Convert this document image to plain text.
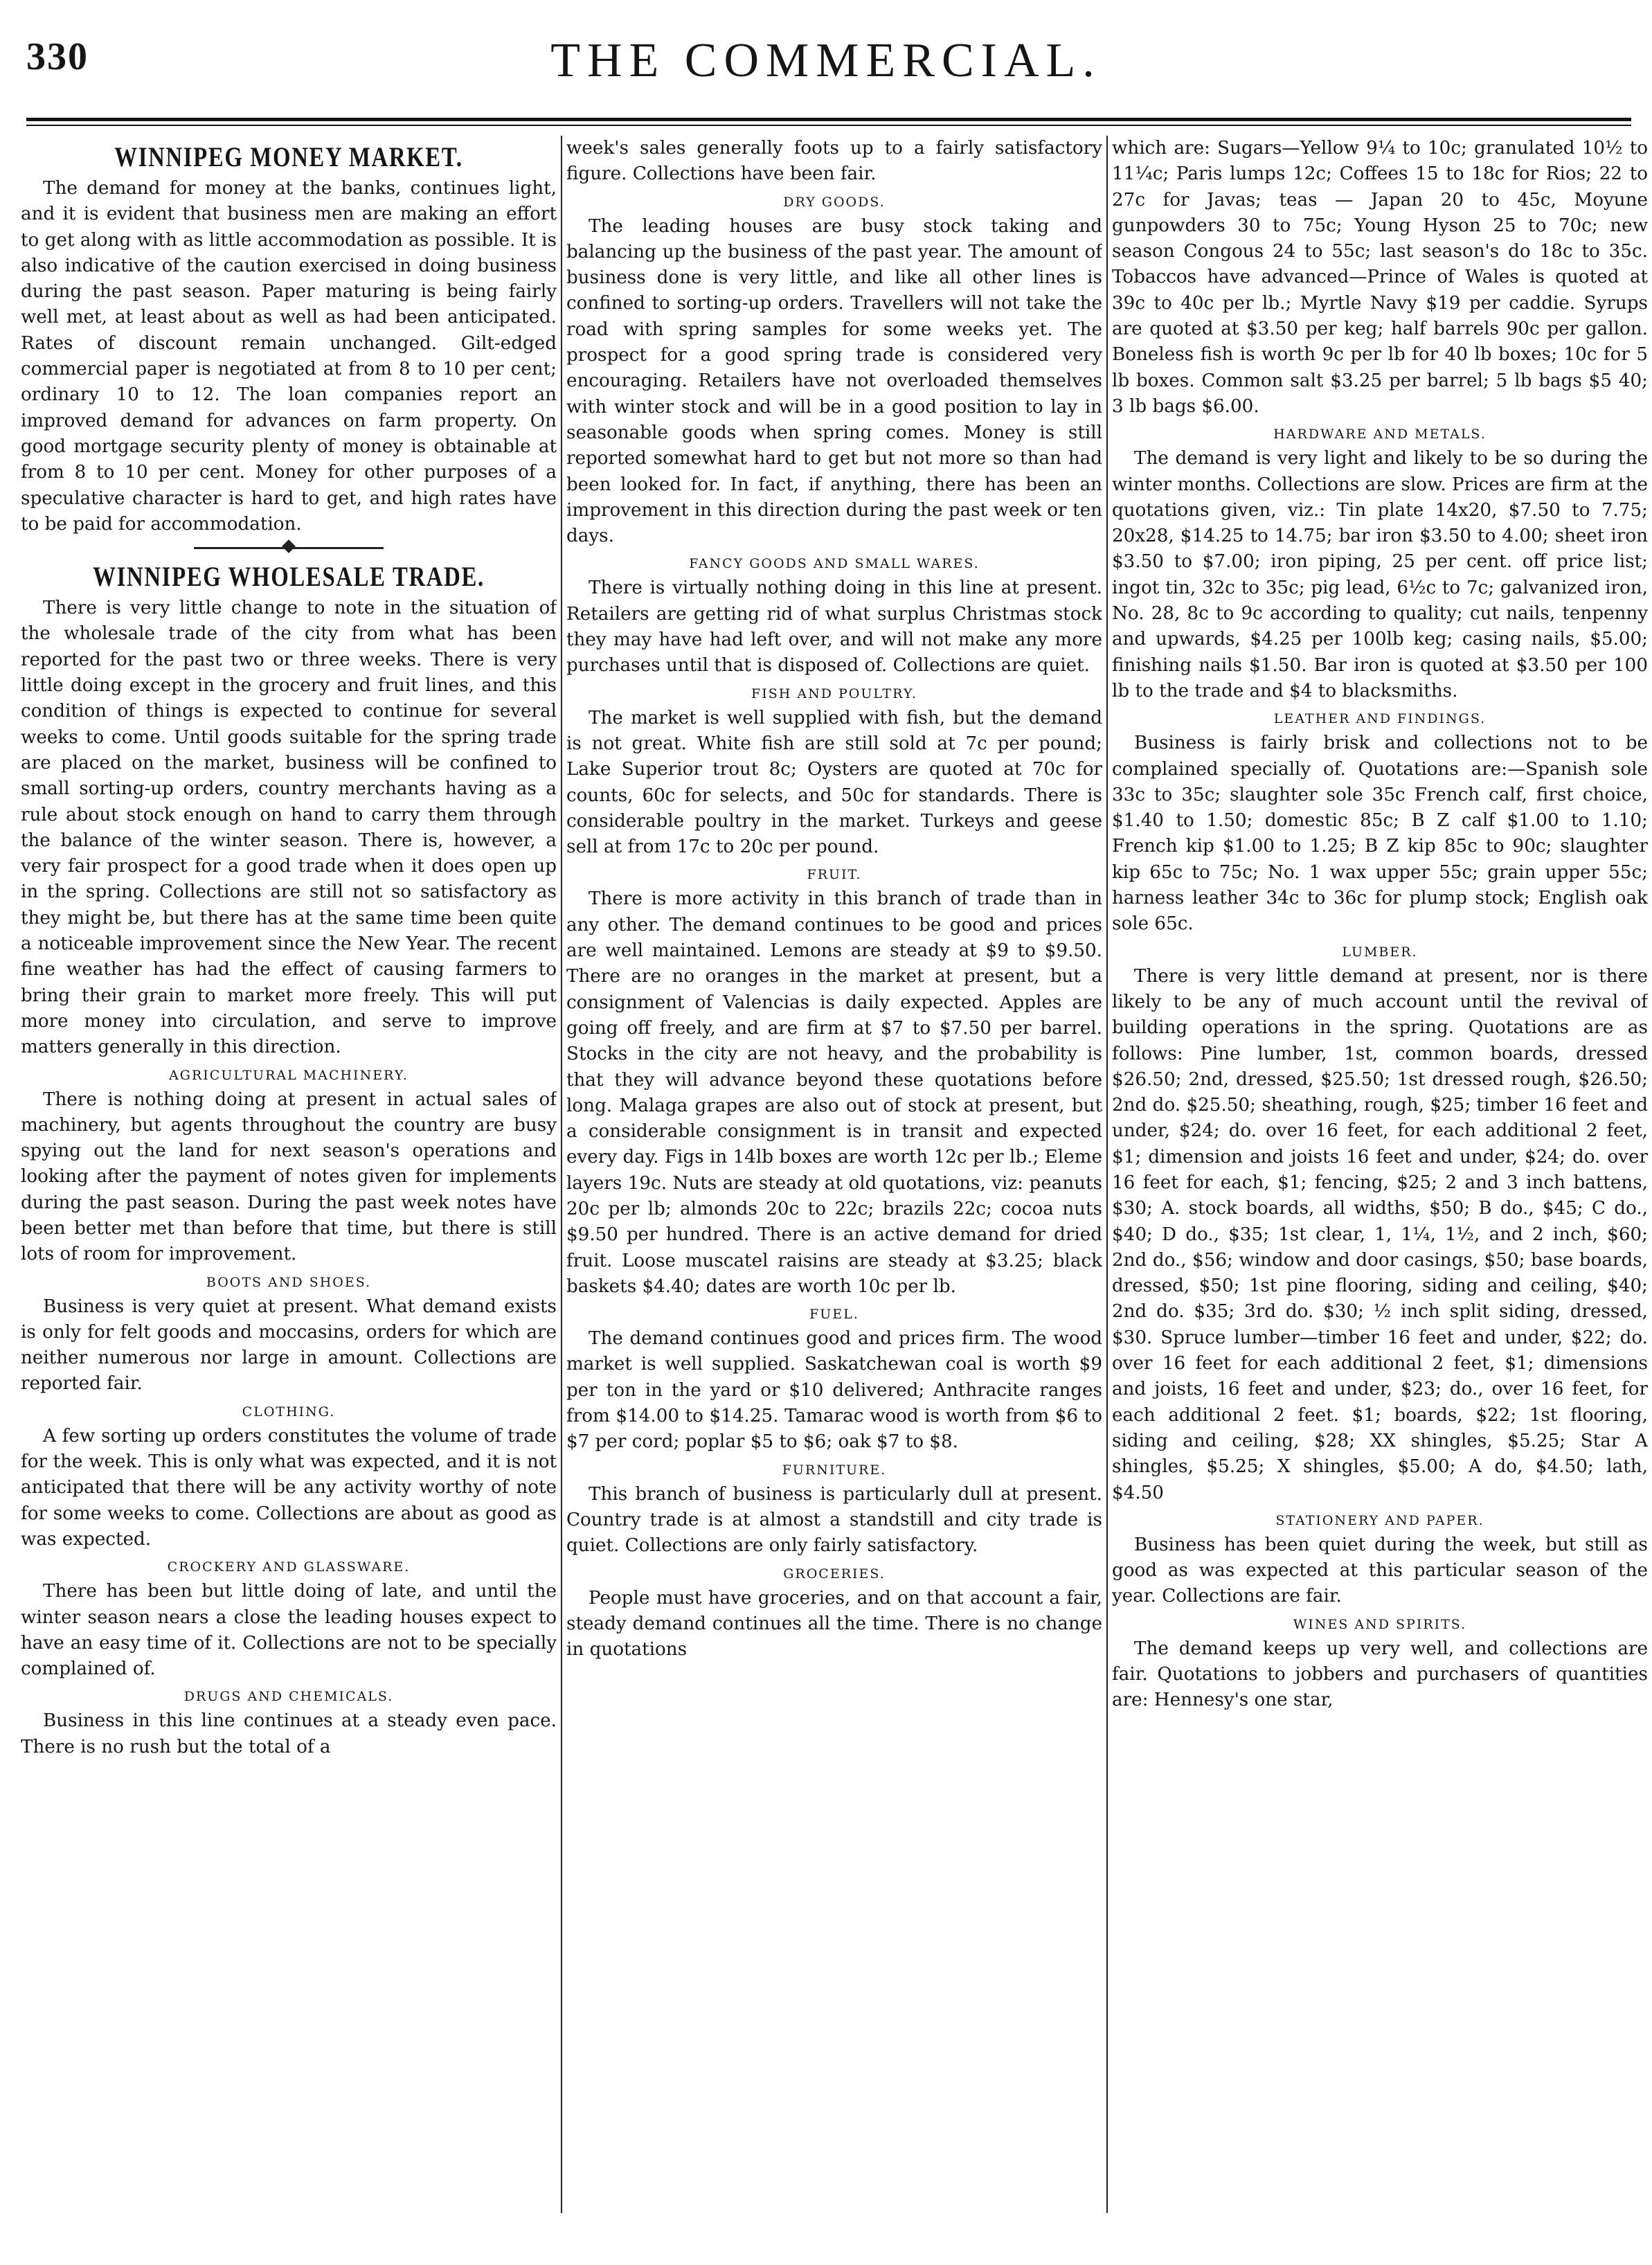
330	THE COMMERCIAL.
WINNIPEG MONEY MARKET.

The demand for money at the banks, continues light, and it is evident that business men are making an effort to get along with as little accommodation as possible. It is also indicative of the caution exercised in doing business during the past season. Paper maturing is being fairly well met, at least about as well as had been anticipated. Rates of discount remain unchanged. Gilt-edged commercial paper is negotiated at from 8 to 10 per cent; ordinary 10 to 12. The loan companies report an improved demand for advances on farm property. On good mortgage security plenty of money is obtainable at from 8 to 10 per cent. Money for other purposes of a speculative character is hard to get, and high rates have to be paid for accommodation.

WINNIPEG WHOLESALE TRADE.

There is very little change to note in the situation of the wholesale trade of the city from what has been reported for the past two or three weeks. There is very little doing except in the grocery and fruit lines, and this condition of things is expected to continue for several weeks to come. Until goods suitable for the spring trade are placed on the market, business will be confined to small sorting-up orders, country merchants having as a rule about stock enough on hand to carry them through the balance of the winter season. There is, however, a very fair prospect for a good trade when it does open up in the spring. Collections are still not so satisfactory as they might be, but there has at the same time been quite a noticeable improvement since the New Year. The recent fine weather has had the effect of causing farmers to bring their grain to market more freely. This will put more money into circulation, and serve to improve matters generally in this direction.

AGRICULTURAL MACHINERY.

There is nothing doing at present in actual sales of machinery, but agents throughout the country are busy spying out the land for next season's operations and looking after the payment of notes given for implements during the past season. During the past week notes have been better met than before that time, but there is still lots of room for improvement.

BOOTS AND SHOES.

Business is very quiet at present. What demand exists is only for felt goods and moccasins, orders for which are neither numerous nor large in amount. Collections are reported fair.

CLOTHING.

A few sorting up orders constitutes the volume of trade for the week. This is only what was expected, and it is not anticipated that there will be any activity worthy of note for some weeks to come. Collections are about as good as was expected.

CROCKERY AND GLASSWARE.

There has been but little doing of late, and until the winter season nears a close the leading houses expect to have an easy time of it. Collections are not to be specially complained of.

DRUGS AND CHEMICALS.

Business in this line continues at a steady even pace. There is no rush but the total of a

week's sales generally foots up to a fairly satisfactory figure. Collections have been fair.

DRY GOODS.

The leading houses are busy stock taking and balancing up the business of the past year. The amount of business done is very little, and like all other lines is confined to sorting-up orders. Travellers will not take the road with spring samples for some weeks yet. The prospect for a good spring trade is considered very encouraging. Retailers have not overloaded themselves with winter stock and will be in a good position to lay in seasonable goods when spring comes. Money is still reported somewhat hard to get but not more so than had been looked for. In fact, if anything, there has been an improvement in this direction during the past week or ten days.

FANCY GOODS AND SMALL WARES.

There is virtually nothing doing in this line at present. Retailers are getting rid of what surplus Christmas stock they may have had left over, and will not make any more purchases until that is disposed of. Collections are quiet.

FISH AND POULTRY.

The market is well supplied with fish, but the demand is not great. White fish are still sold at 7c per pound; Lake Superior trout 8c; Oysters are quoted at 70c for counts, 60c for selects, and 50c for standards. There is considerable poultry in the market. Turkeys and geese sell at from 17c to 20c per pound.

FRUIT.

There is more activity in this branch of trade than in any other. The demand continues to be good and prices are well maintained. Lemons are steady at $9 to $9.50. There are no oranges in the market at present, but a consignment of Valencias is daily expected. Apples are going off freely, and are firm at $7 to $7.50 per barrel. Stocks in the city are not heavy, and the probability is that they will advance beyond these quotations before long. Malaga grapes are also out of stock at present, but a considerable consignment is in transit and expected every day. Figs in 14lb boxes are worth 12c per lb.; Eleme layers 19c. Nuts are steady at old quotations, viz: peanuts 20c per lb; almonds 20c to 22c; brazils 22c; cocoa nuts $9.50 per hundred. There is an active demand for dried fruit. Loose muscatel raisins are steady at $3.25; black baskets $4.40; dates are worth 10c per lb.

FUEL.

The demand continues good and prices firm. The wood market is well supplied. Saskatchewan coal is worth $9 per ton in the yard or $10 delivered; Anthracite ranges from $14.00 to $14.25. Tamarac wood is worth from $6 to $7 per cord; poplar $5 to $6; oak $7 to $8.

FURNITURE.

This branch of business is particularly dull at present. Country trade is at almost a standstill and city trade is quiet. Collections are only fairly satisfactory.

GROCERIES.

People must have groceries, and on that account a fair, steady demand continues all the time. There is no change in quotations

which are: Sugars—Yellow 9¼ to 10c; granulated 10½ to 11¼c; Paris lumps 12c; Coffees 15 to 18c for Rios; 22 to 27c for Javas; teas — Japan 20 to 45c, Moyune gunpowders 30 to 75c; Young Hyson 25 to 70c; new season Congous 24 to 55c; last season's do 18c to 35c. Tobaccos have advanced—Prince of Wales is quoted at 39c to 40c per lb.; Myrtle Navy $19 per caddie. Syrups are quoted at $3.50 per keg; half barrels 90c per gallon. Boneless fish is worth 9c per lb for 40 lb boxes; 10c for 5 lb boxes. Common salt $3.25 per barrel; 5 lb bags $5 40; 3 lb bags $6.00.

HARDWARE AND METALS.

The demand is very light and likely to be so during the winter months. Collections are slow. Prices are firm at the quotations given, viz.: Tin plate 14x20, $7.50 to 7.75; 20x28, $14.25 to 14.75; bar iron $3.50 to 4.00; sheet iron $3.50 to $7.00; iron piping, 25 per cent. off price list; ingot tin, 32c to 35c; pig lead, 6½c to 7c; galvanized iron, No. 28, 8c to 9c according to quality; cut nails, tenpenny and upwards, $4.25 per 100lb keg; casing nails, $5.00; finishing nails $1.50. Bar iron is quoted at $3.50 per 100 lb to the trade and $4 to blacksmiths.

LEATHER AND FINDINGS.

Business is fairly brisk and collections not to be complained specially of. Quotations are:—Spanish sole 33c to 35c; slaughter sole 35c French calf, first choice, $1.40 to 1.50; domestic 85c; B Z calf $1.00 to 1.10; French kip $1.00 to 1.25; B Z kip 85c to 90c; slaughter kip 65c to 75c; No. 1 wax upper 55c; grain upper 55c; harness leather 34c to 36c for plump stock; English oak sole 65c.

LUMBER.

There is very little demand at present, nor is there likely to be any of much account until the revival of building operations in the spring. Quotations are as follows: Pine lumber, 1st, common boards, dressed $26.50; 2nd, dressed, $25.50; 1st dressed rough, $26.50; 2nd do. $25.50; sheathing, rough, $25; timber 16 feet and under, $24; do. over 16 feet, for each additional 2 feet, $1; dimension and joists 16 feet and under, $24; do. over 16 feet for each, $1; fencing, $25; 2 and 3 inch battens, $30; A. stock boards, all widths, $50; B do., $45; C do., $40; D do., $35; 1st clear, 1, 1¼, 1½, and 2 inch, $60; 2nd do., $56; window and door casings, $50; base boards, dressed, $50; 1st pine flooring, siding and ceiling, $40; 2nd do. $35; 3rd do. $30; ½ inch split siding, dressed, $30. Spruce lumber—timber 16 feet and under, $22; do. over 16 feet for each additional 2 feet, $1; dimensions and joists, 16 feet and under, $23; do., over 16 feet, for each additional 2 feet. $1; boards, $22; 1st flooring, siding and ceiling, $28; XX shingles, $5.25; Star A shingles, $5.25; X shingles, $5.00; A do, $4.50; lath, $4.50

STATIONERY AND PAPER.

Business has been quiet during the week, but still as good as was expected at this particular season of the year. Collections are fair.

WINES AND SPIRITS.

The demand keeps up very well, and collections are fair. Quotations to jobbers and purchasers of quantities are: Hennesy's one star,
